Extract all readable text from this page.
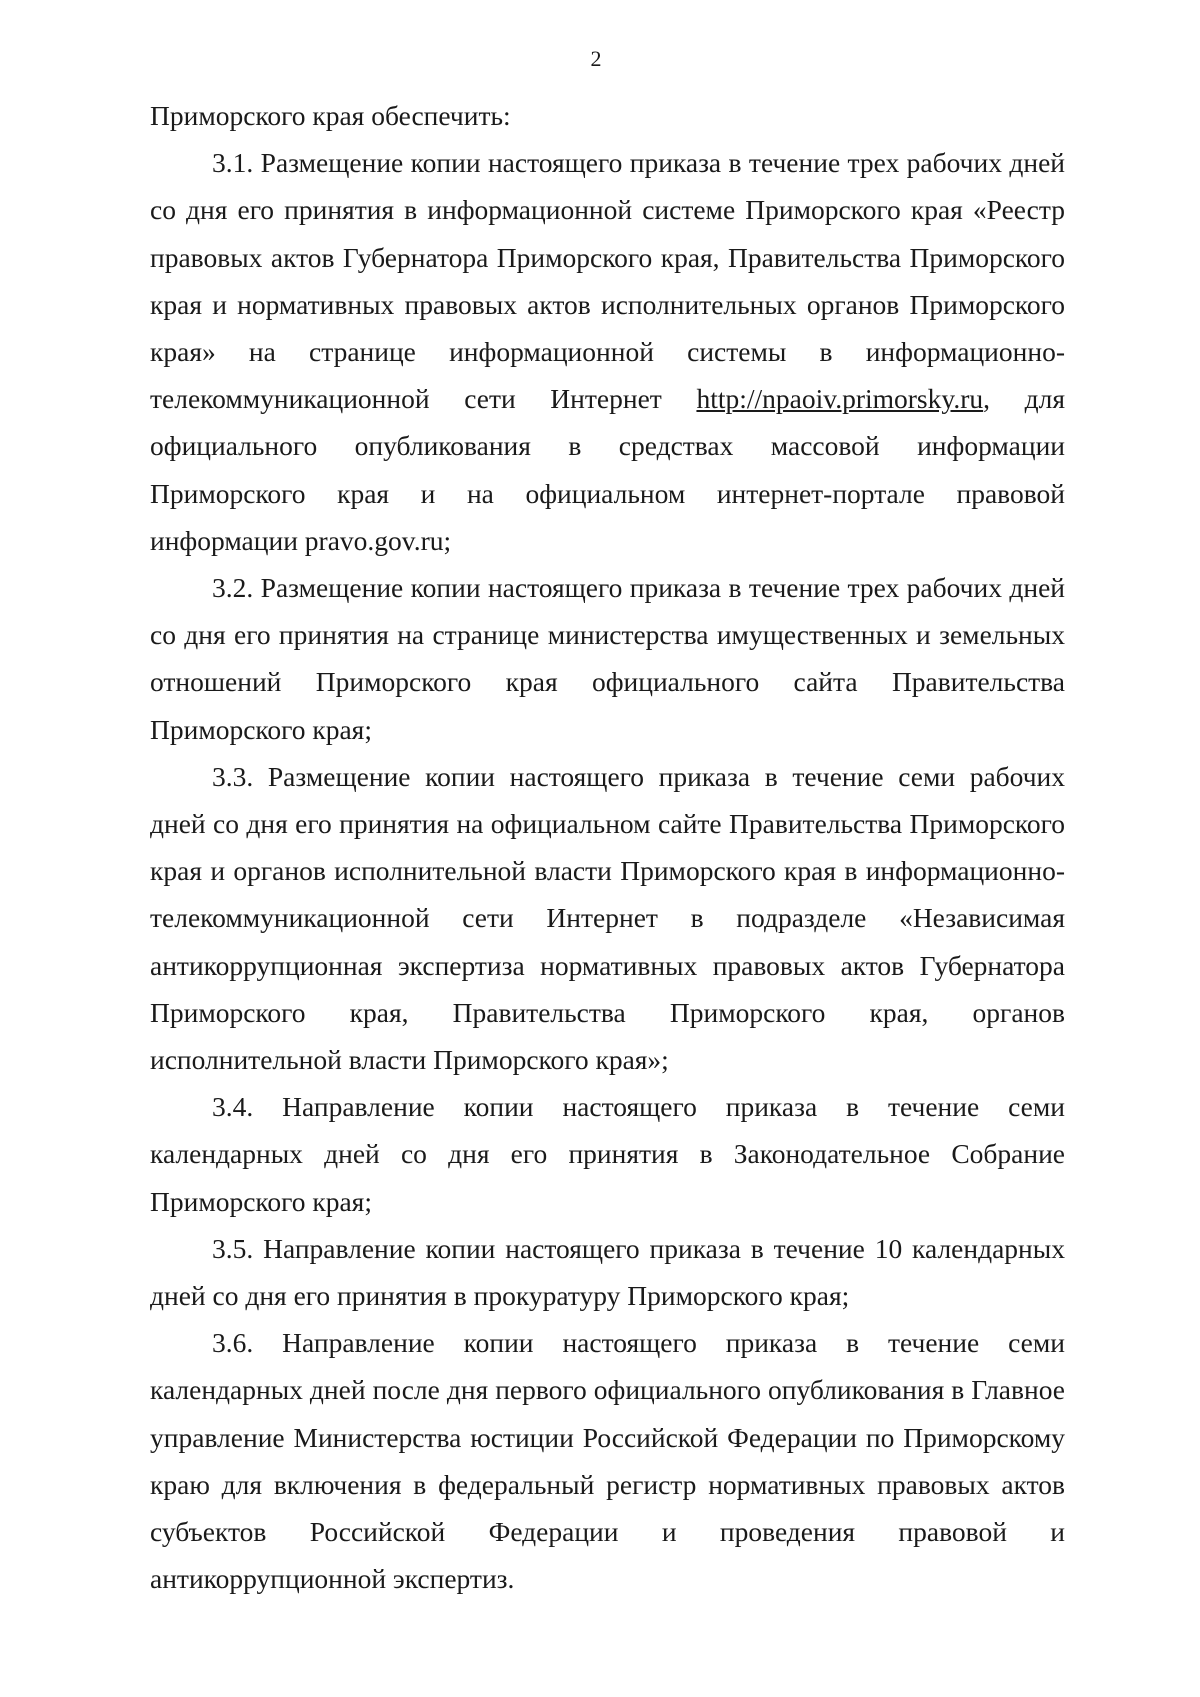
2

Приморского края обеспечить:

3.1. Размещение копии настоящего приказа в течение трех рабочих дней со дня его принятия в информационной системе Приморского края «Реестр правовых актов Губернатора Приморского края, Правительства Приморского края и нормативных правовых актов исполнительных органов Приморского края» на странице информационной системы в информационно-телекоммуникационной сети Интернет http://npaoiv.primorsky.ru, для официального опубликования в средствах массовой информации Приморского края и на официальном интернет-портале правовой информации pravo.gov.ru;

3.2. Размещение копии настоящего приказа в течение трех рабочих дней со дня его принятия на странице министерства имущественных и земельных отношений Приморского края официального сайта Правительства Приморского края;

3.3. Размещение копии настоящего приказа в течение семи рабочих дней со дня его принятия на официальном сайте Правительства Приморского края и органов исполнительной власти Приморского края в информационно-телекоммуникационной сети Интернет в подразделе «Независимая антикоррупционная экспертиза нормативных правовых актов Губернатора Приморского края, Правительства Приморского края, органов исполнительной власти Приморского края»;

3.4. Направление копии настоящего приказа в течение семи календарных дней со дня его принятия в Законодательное Собрание Приморского края;

3.5. Направление копии настоящего приказа в течение 10 календарных дней со дня его принятия в прокуратуру Приморского края;

3.6. Направление копии настоящего приказа в течение семи календарных дней после дня первого официального опубликования в Главное управление Министерства юстиции Российской Федерации по Приморскому краю для включения в федеральный регистр нормативных правовых актов субъектов Российской Федерации и проведения правовой и антикоррупционной экспертиз.
